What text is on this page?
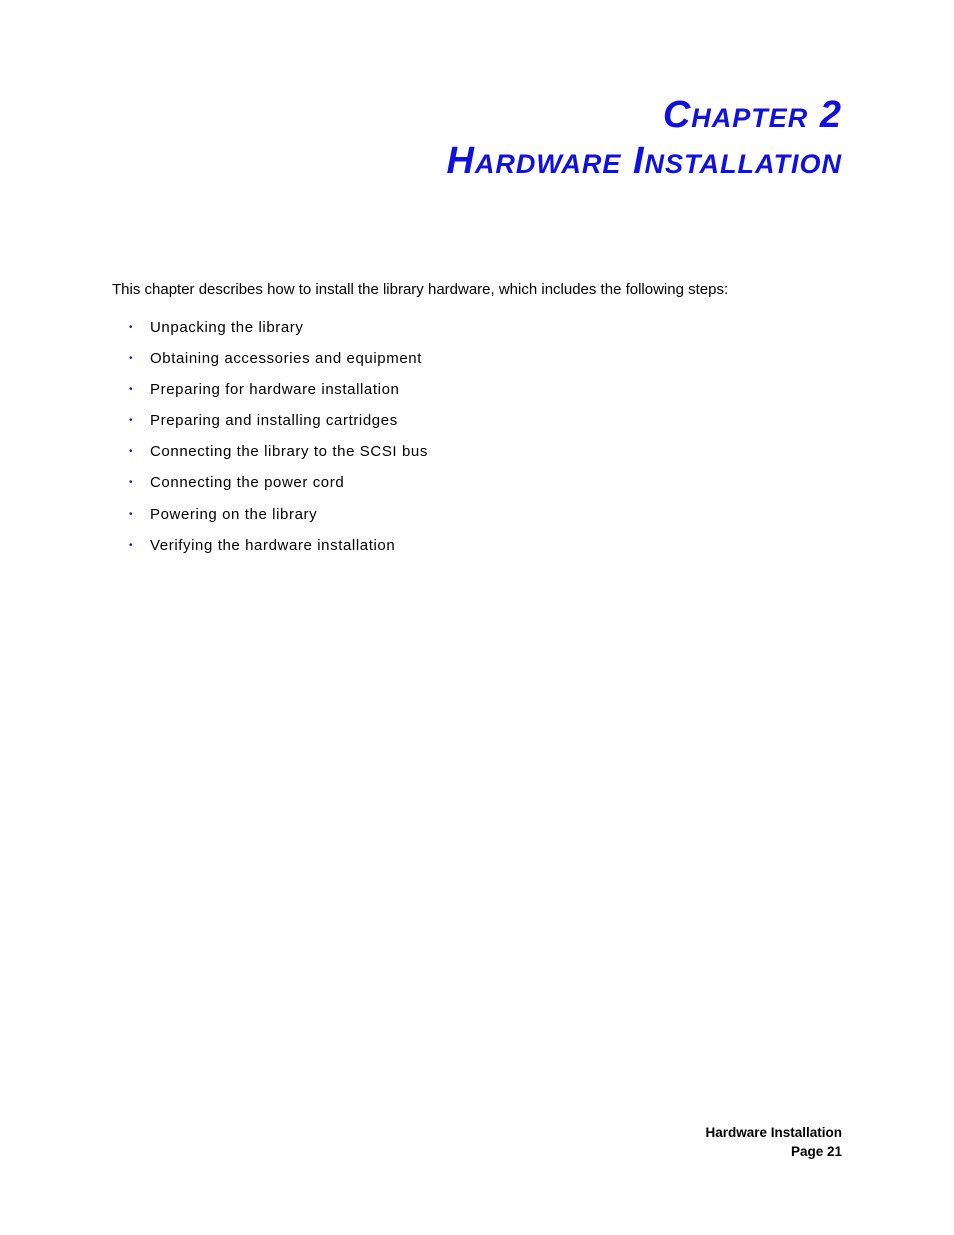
Chapter 2
Hardware Installation

This chapter describes how to install the library hardware, which includes the following steps:

•	Unpacking the library
•	Obtaining accessories and equipment
•	Preparing for hardware installation
•	Preparing and installing cartridges
•	Connecting the library to the SCSI bus
•	Connecting the power cord
•	Powering on the library
•	Verifying the hardware installation
Hardware Installation
Page 21
